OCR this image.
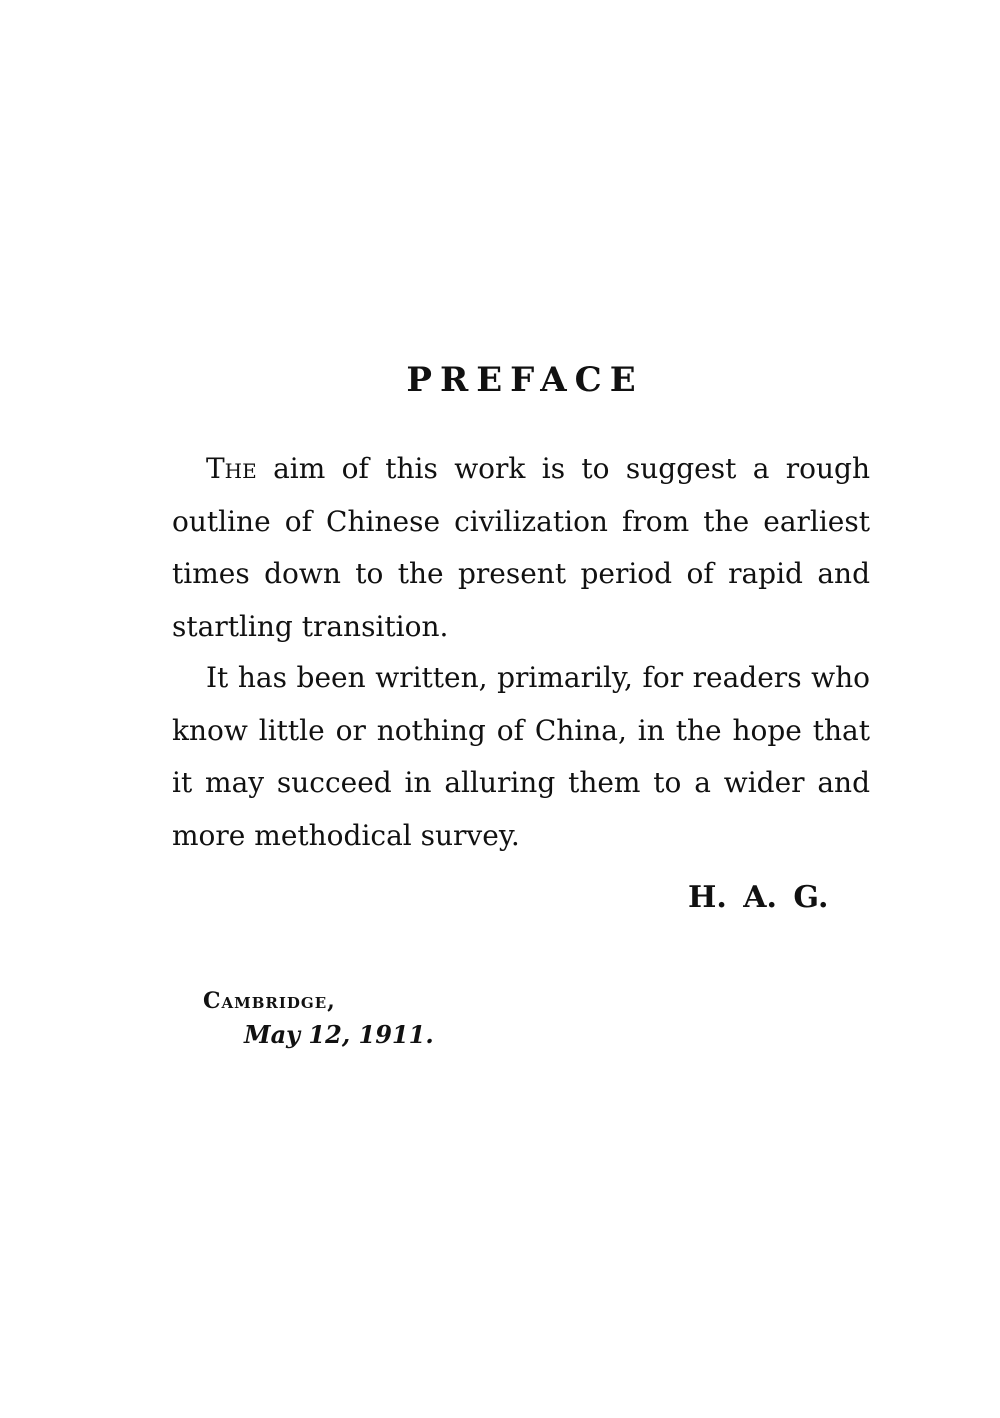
PREFACE

The aim of this work is to suggest a rough outline of Chinese civilization from the earliest times down to the present period of rapid and startling transition.

It has been written, primarily, for readers who know little or nothing of China, in the hope that it may succeed in alluring them to a wider and more methodical survey.

H. A. G.

Cambridge,

May 12, 1911.
